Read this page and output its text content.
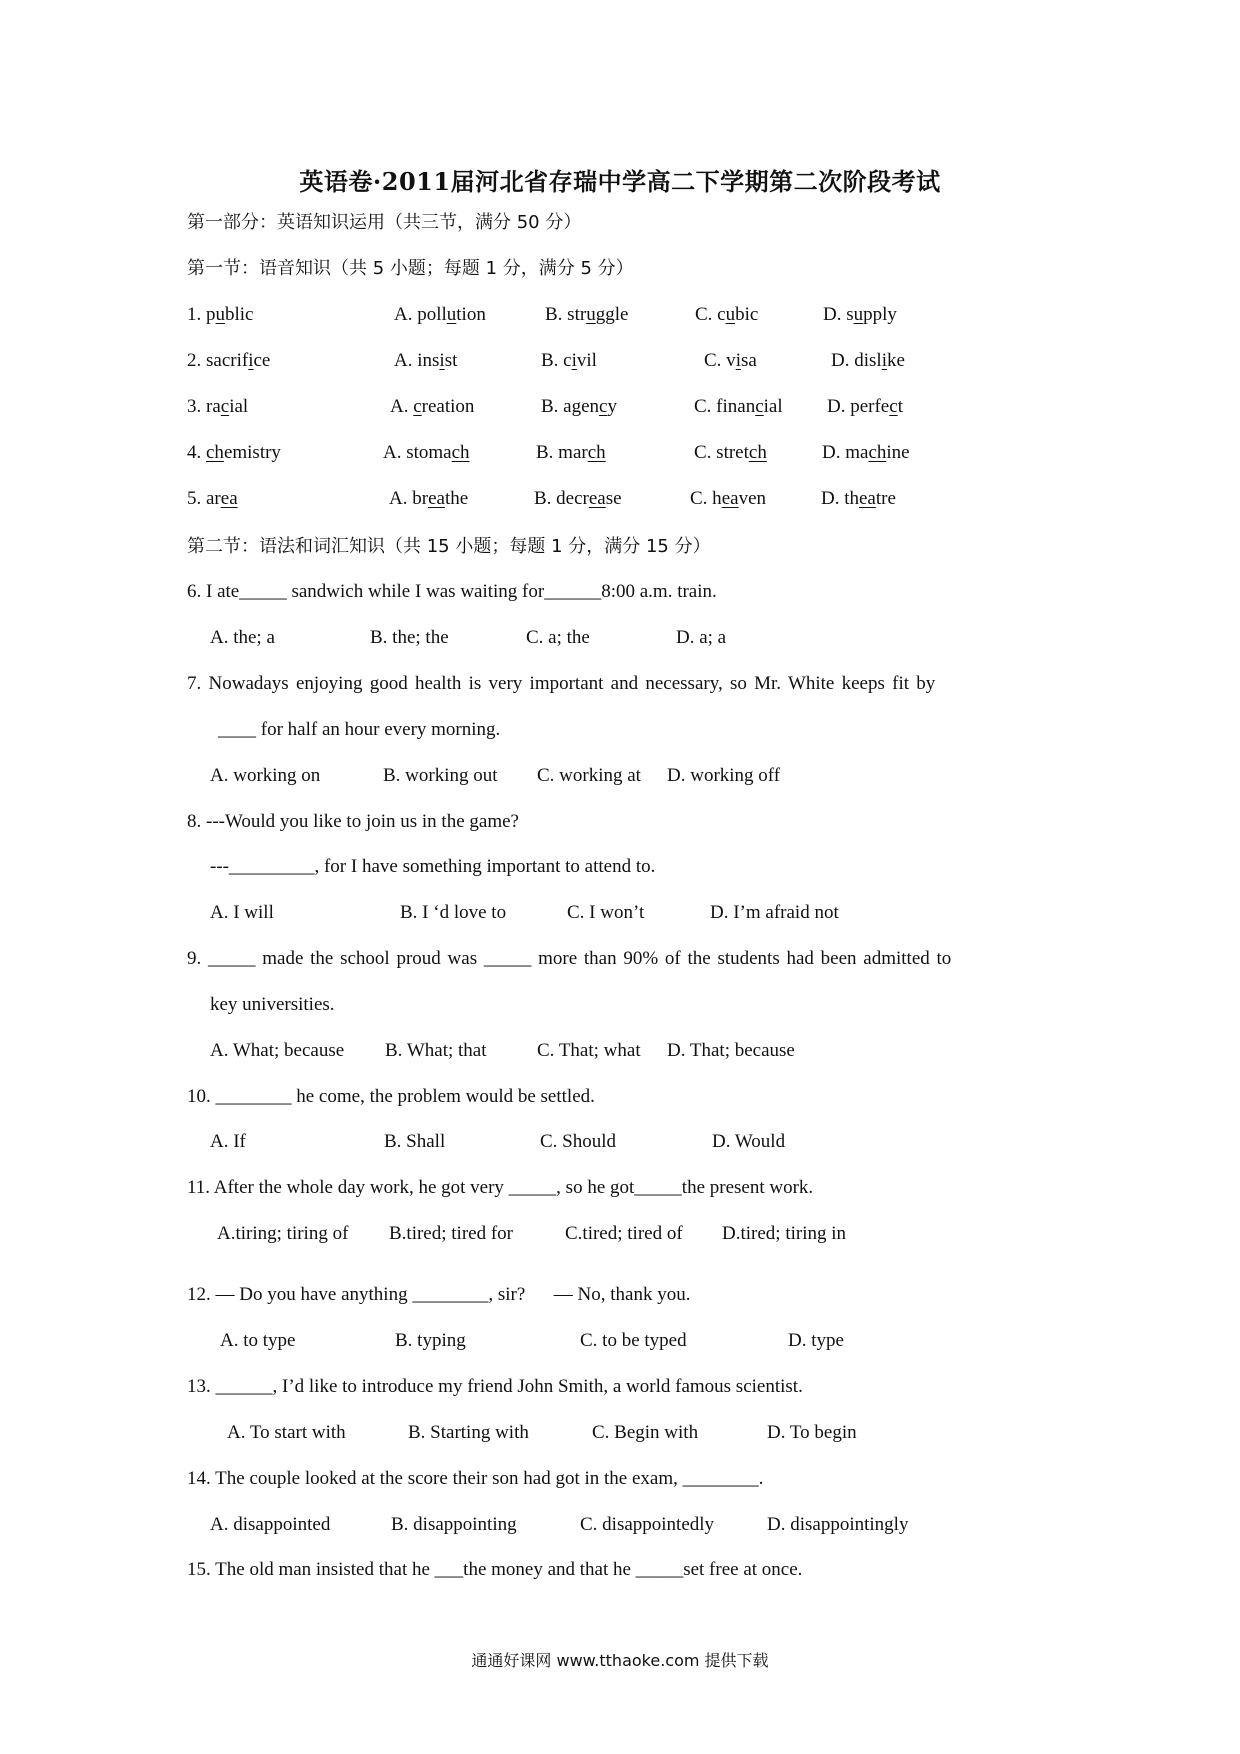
英语卷·2011届河北省存瑞中学高二下学期第二次阶段考试
第一部分：英语知识运用（共三节，满分 50 分）
第一节：语音知识（共 5 小题；每题 1 分，满分 5 分）
1. public	A. pollution	B. struggle	C. cubic	D. supply
2. sacrifice	A. insist	B. civil	C. visa	D. dislike
3. racial	A. creation	B. agency	C. financial D. perfect
4. chemistry	A. stomach	B. march	C. stretch	D. machine
5. area	A. breathe	B. decrease	C. heaven	D. theatre
第二节：语法和词汇知识（共 15 小题；每题 1 分，满分 15 分）
6. I ate_____ sandwich while I was waiting for______8:00 a.m. train.
A. the; a	B. the; the	C. a; the	D. a; a
7. Nowadays enjoying good health is very important and necessary, so Mr. White keeps fit by
____ for half an hour every morning.
A. working on	B. working out C. working at D. working off
8. ---Would you like to join us in the game?
---_________, for I have something important to attend to.
A. I will	B. I ‘d love to	C. I won’t	D. I’m afraid not
9. _____ made the school proud was _____ more than 90% of the students had been admitted to
key universities.
A. What; because B. What; that	C. That; what D. That; because
10. ________ he come, the problem would be settled.
A. If	B. Shall	C. Should	D. Would
11. After the whole day work, he got very _____, so he got_____the present work.
A.tiring; tiring of B.tired; tired for	C.tired; tired of D.tired; tiring in
12. — Do you have anything ________, sir?      — No, thank you.
A. to type	B. typing	C. to be typed	D. type
13. ______, I’d like to introduce my friend John Smith, a world famous scientist.
A. To start with	B. Starting with	C. Begin with	D. To begin
14. The couple looked at the score their son had got in the exam, ________.
A. disappointed	B. disappointing	C. disappointedly	D. disappointingly
15. The old man insisted that he ___the money and that he _____set free at once.
通通好课网 www.tthaoke.com 提供下载
